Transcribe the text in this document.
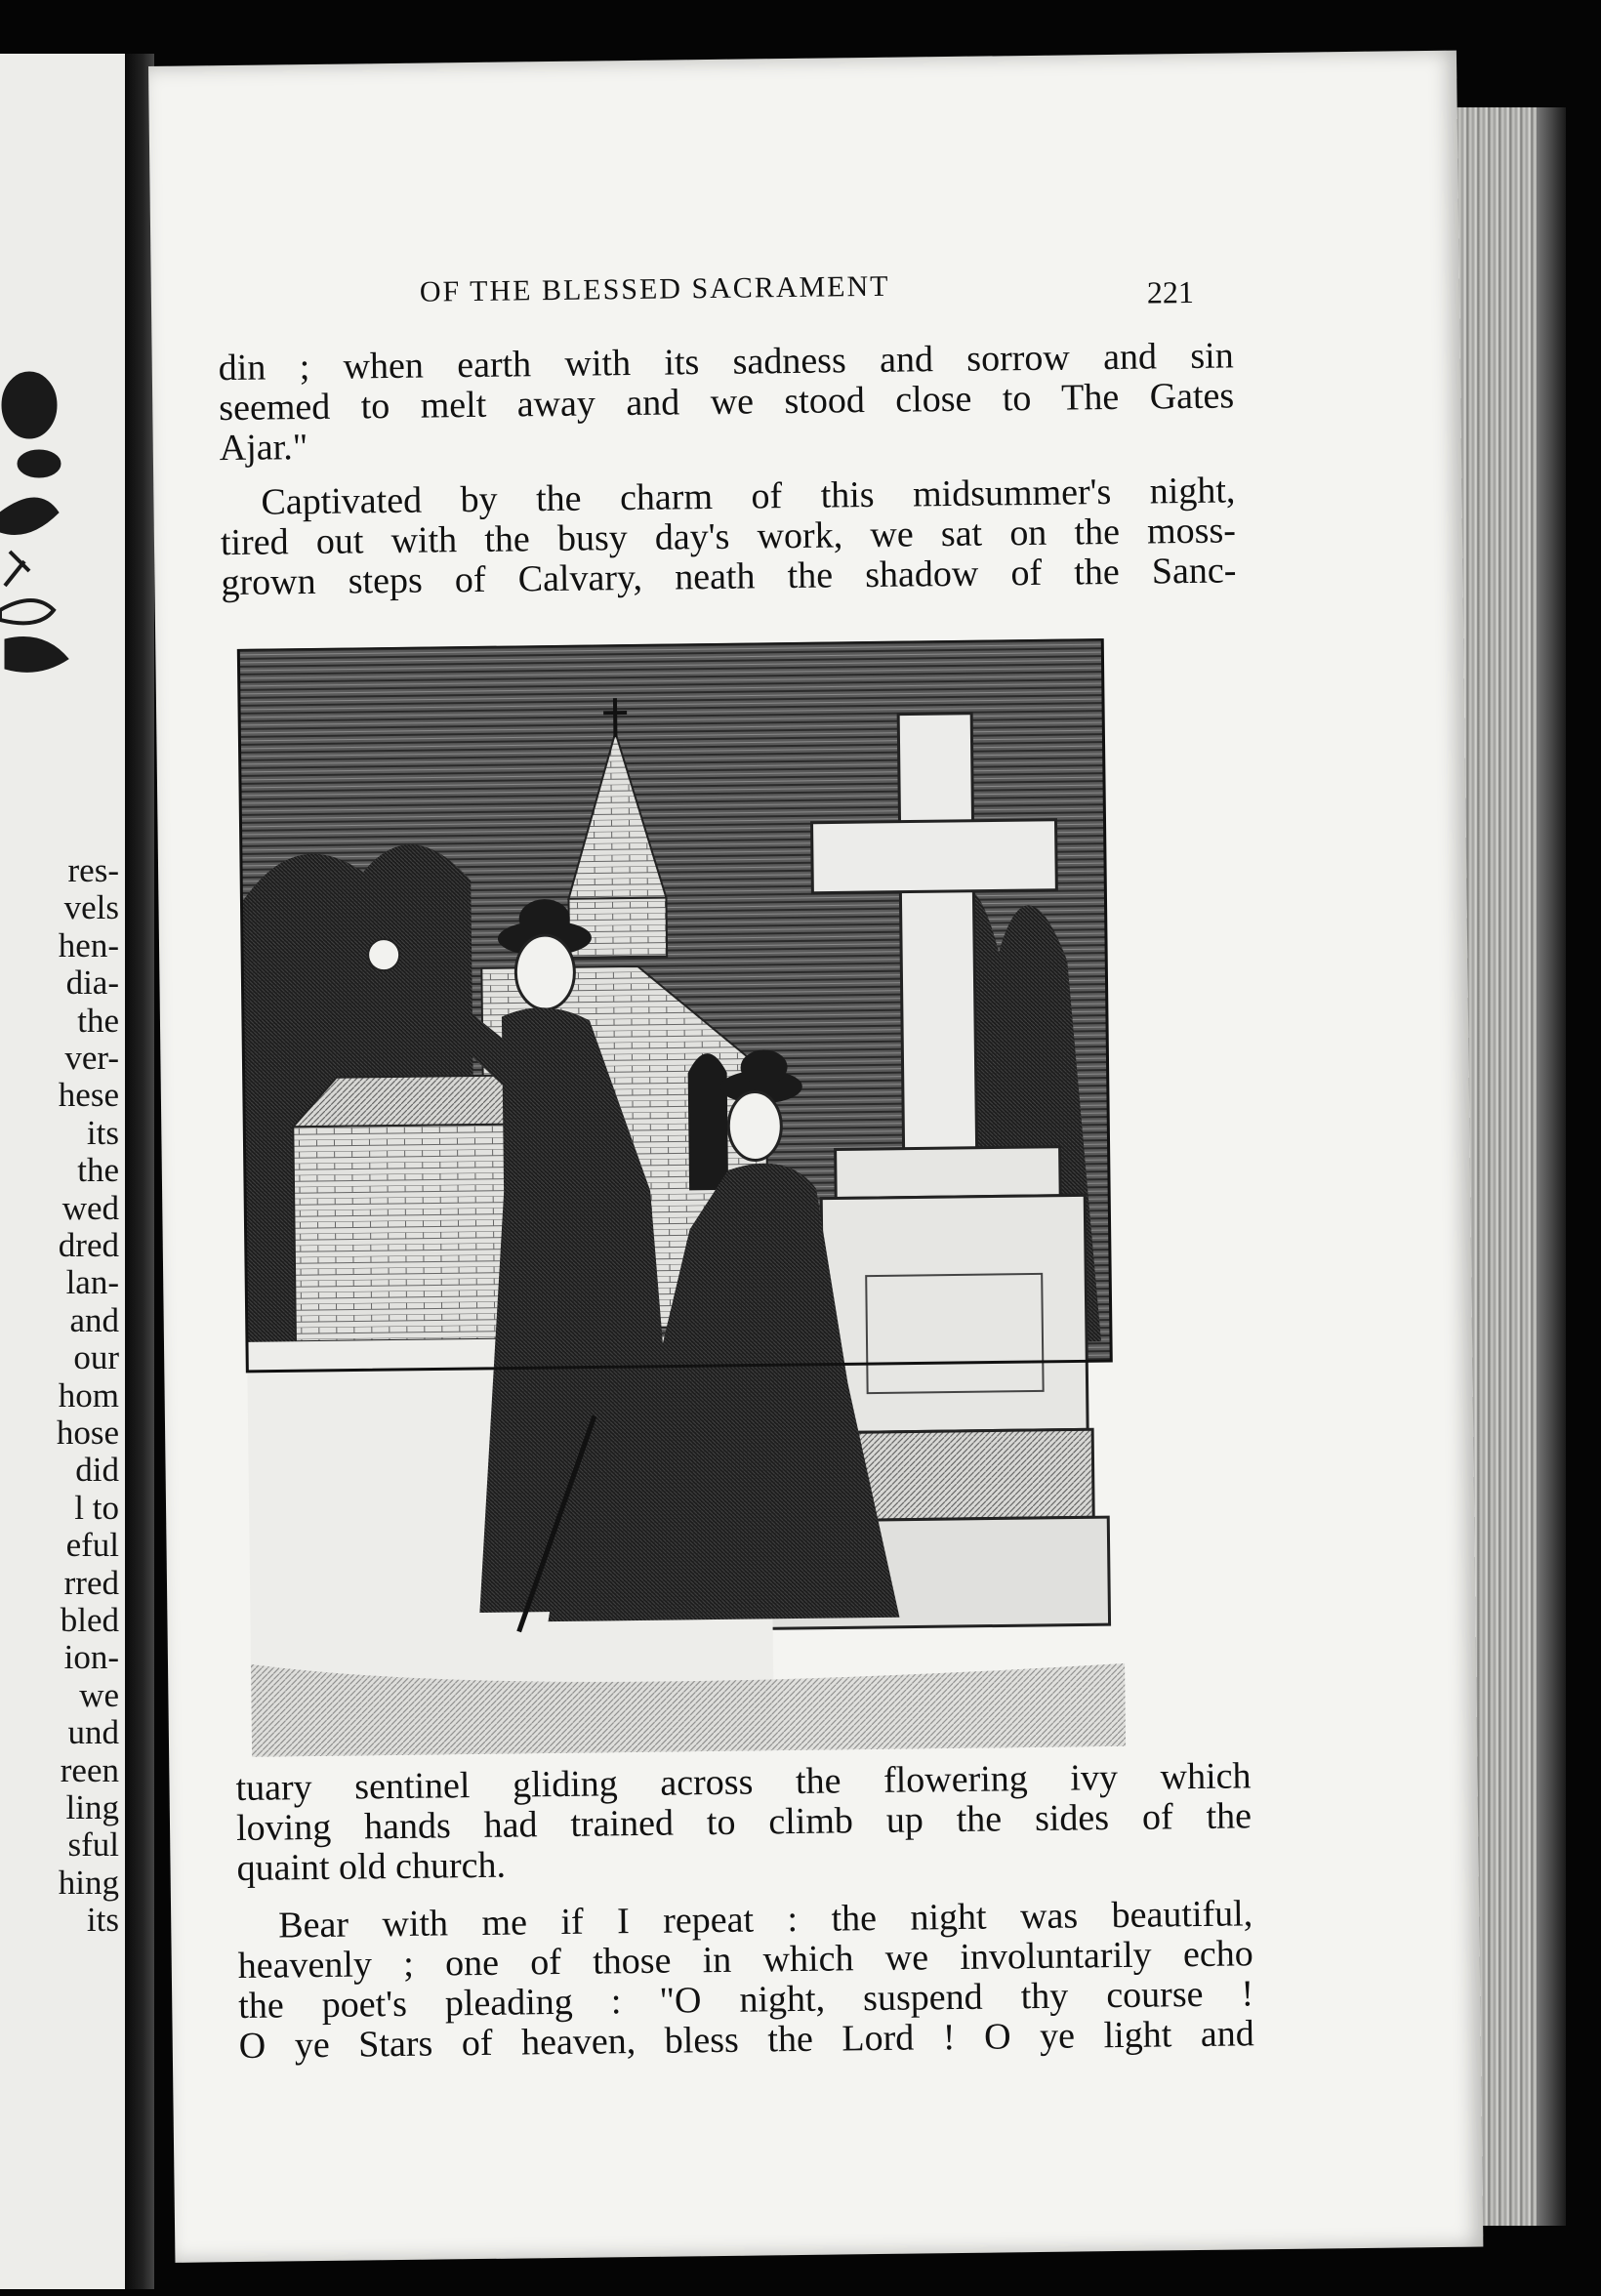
res-
vels
hen-
dia-
the
ver-
hese
its
the
wed
dred
lan-
and
our
hom
hose
did
l to
eful
rred
bled
ion-
we
und
reen
ling
sful
hing
its
OF THE BLESSED SACRAMENT	221
din ; when earth with its sadness and sorrow and sin
seemed to melt away and we stood close to The Gates
Ajar."
Captivated by the charm of this midsummer's night,
tired out with the busy day's work, we sat on the moss-
grown steps of Calvary, neath the shadow of the Sanc-
tuary sentinel gliding across the flowering ivy which
loving hands had trained to climb up the sides of the
quaint old church.
Bear with me if I repeat : the night was beautiful,
heavenly ; one of those in which we involuntarily echo
the poet's pleading : "O night, suspend thy course !
O ye Stars of heaven, bless the Lord ! O ye light and
